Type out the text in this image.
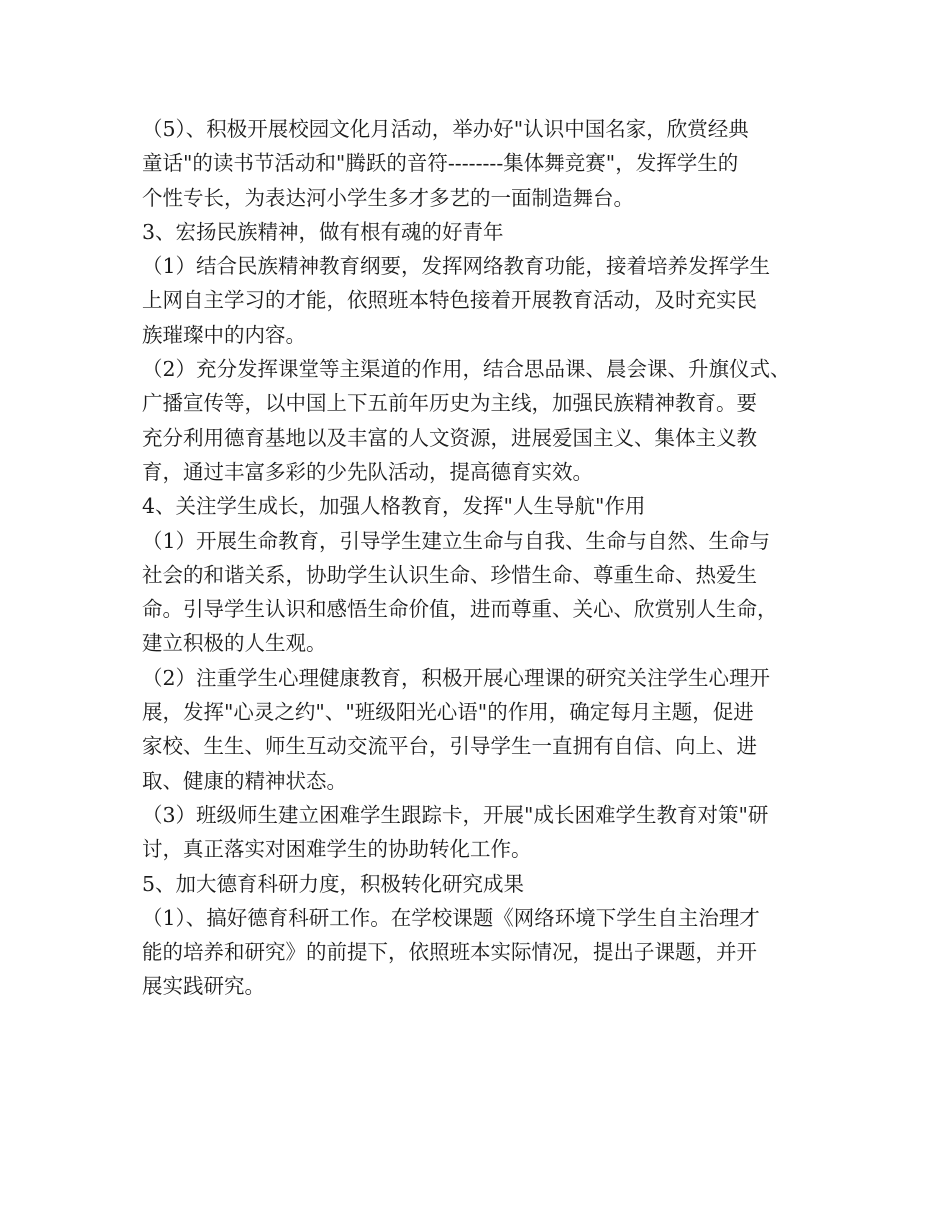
（5）、积极开展校园文化月活动，举办好"认识中国名家，欣赏经典
童话"的读书节活动和"腾跃的音符--------集体舞竞赛"，发挥学生的
个性专长，为表达河小学生多才多艺的一面制造舞台。
3、宏扬民族精神，做有根有魂的好青年
（1）结合民族精神教育纲要，发挥网络教育功能，接着培养发挥学生
上网自主学习的才能，依照班本特色接着开展教育活动，及时充实民
族璀璨中的内容。
（2）充分发挥课堂等主渠道的作用，结合思品课、晨会课、升旗仪式、
广播宣传等，以中国上下五前年历史为主线，加强民族精神教育。要
充分利用德育基地以及丰富的人文资源，进展爱国主义、集体主义教
育，通过丰富多彩的少先队活动，提高德育实效。
4、关注学生成长，加强人格教育，发挥"人生导航"作用
（1）开展生命教育，引导学生建立生命与自我、生命与自然、生命与
社会的和谐关系，协助学生认识生命、珍惜生命、尊重生命、热爱生
命。引导学生认识和感悟生命价值，进而尊重、关心、欣赏别人生命，
建立积极的人生观。
（2）注重学生心理健康教育，积极开展心理课的研究关注学生心理开
展，发挥"心灵之约"、"班级阳光心语"的作用，确定每月主题，促进
家校、生生、师生互动交流平台，引导学生一直拥有自信、向上、进
取、健康的精神状态。
（3）班级师生建立困难学生跟踪卡，开展"成长困难学生教育对策"研
讨，真正落实对困难学生的协助转化工作。
5、加大德育科研力度，积极转化研究成果
（1）、搞好德育科研工作。在学校课题《网络环境下学生自主治理才
能的培养和研究》的前提下，依照班本实际情况，提出子课题，并开
展实践研究。
